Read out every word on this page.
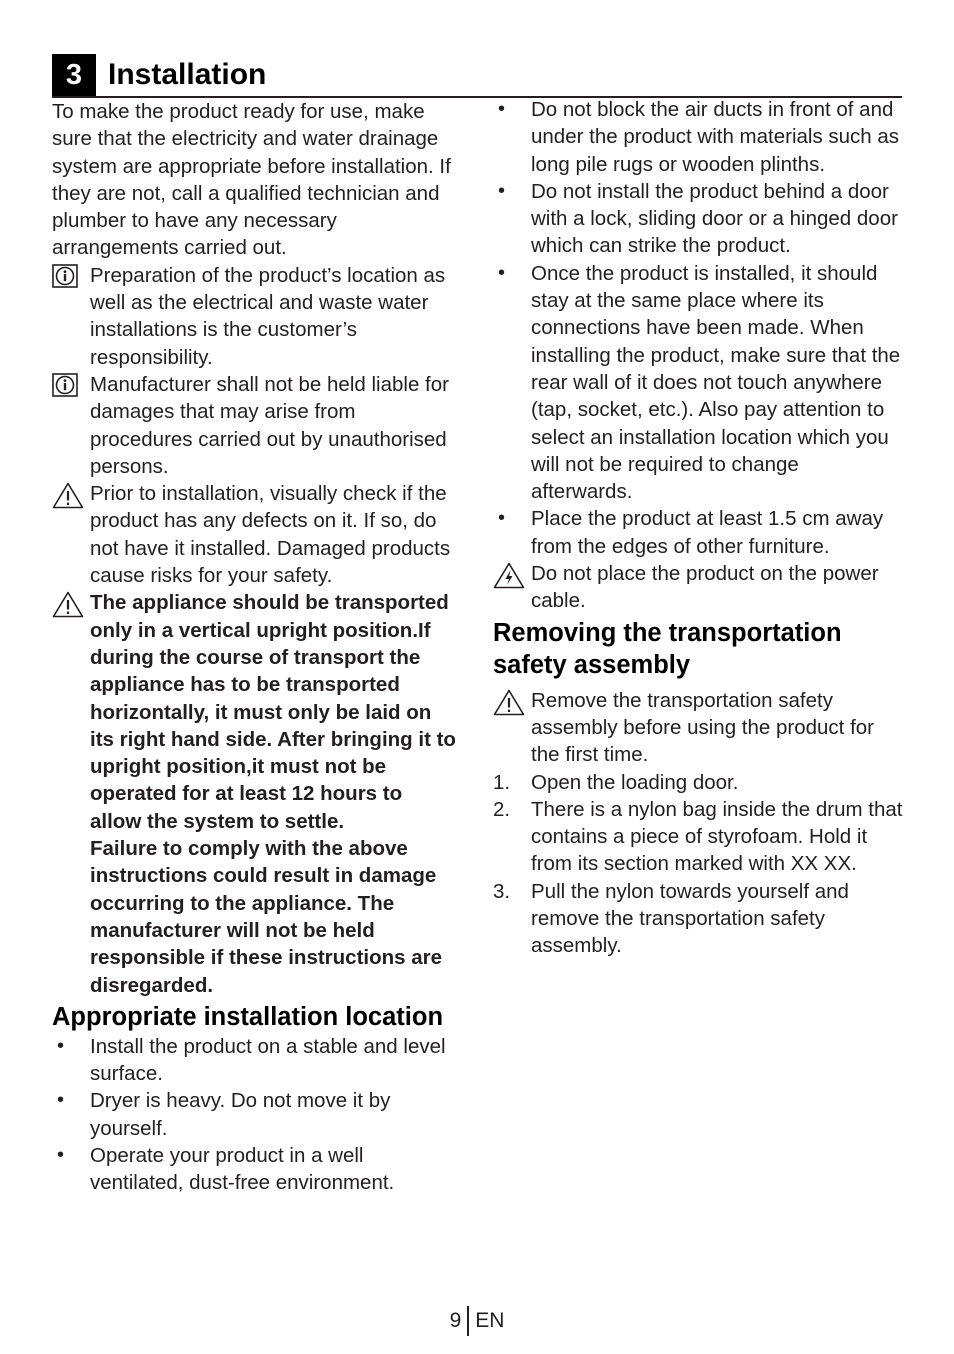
3 Installation

To make the product ready for use, make sure that the electricity and water drainage system are appropriate before installation. If they are not, call a qualified technician and plumber to have any necessary arrangements carried out.

Preparation of the product’s location as well as the electrical and waste water installations is the customer’s responsibility.

Manufacturer shall not be held liable for damages that may arise from procedures carried out by unauthorised persons.

Prior to installation, visually check if the product has any defects on it. If so, do not have it installed. Damaged products cause risks for your safety.

The appliance should be transported only in a vertical upright position.If during the course of transport the appliance has to be transported horizontally, it must only be laid on its right hand side. After bringing it to upright position,it must not be operated for at least 12 hours to allow the system to settle.

Failure to comply with the above instructions could result in damage occurring to the appliance. The manufacturer will not be held responsible if these instructions are disregarded.

Appropriate installation location
•

Install the product on a stable and level surface.

•

Dryer is heavy. Do not move it by yourself.

•

Operate your product in a well ventilated, dust-free environment.

•

Do not block the air ducts in front of and under the product with materials such as long pile rugs or wooden plinths.

•

Do not install the product behind a door with a lock, sliding door or a hinged door which can strike the product.

•

Once the product is installed, it should stay at the same place where its connections have been made. When installing the product, make sure that the rear wall of it does not touch anywhere (tap, socket, etc.). Also pay attention to select an installation location which you will not be required to change afterwards.

•

Place the product at least 1.5 cm away from the edges of other furniture.

Do not place the product on the power cable.

Removing the transportation safety assembly

Remove the transportation safety assembly before using the product for the first time.

1. Open the loading door.

2. There is a nylon bag inside the drum that contains a piece of styrofoam. Hold it from its section marked with XX XX.

3. Pull the nylon towards yourself and remove the transportation safety assembly.

9 EN
